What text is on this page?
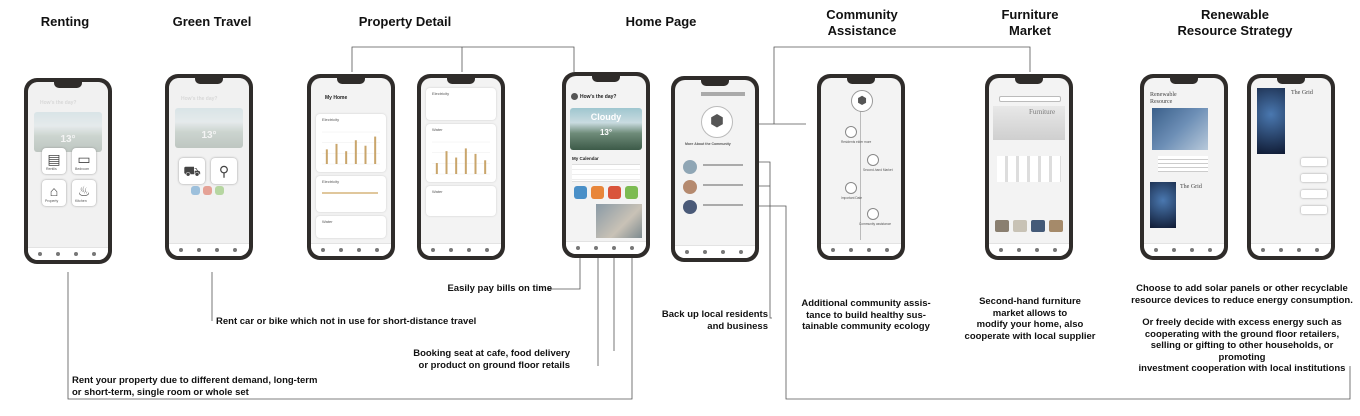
Renting	Green Travel	Property Detail	Home Page	Community
Assistance
Furniture
Market
Renewable
Resource Strategy
▤
Rentlis
▭
Bedroom
⌂
Property
♨
Kitchen
⛟	⚲
My Home
Electricity
Electricity
Water
Electricity
Water
Water
How's the day?
Cloudy
13°
My Calendar
⬢
More About the Community
⬢
Residents elder more
Second-hand Market
Important Date
Community assistance
Furniture
Renewable
Resource
The Grid
The Grid
Easily pay bills on time
Rent car or bike which not in use for short-distance travel
Booking seat at cafe, food delivery
or product on ground floor retails
Rent your property due to different demand, long-term
or short-term, single room or whole set
Back up local residents
and business
Additional community assis-
tance to build healthy sus-
tainable community ecology
Second-hand furniture
market allows to
modify your home, also
cooperate with local supplier
Choose to add solar panels or other recyclable
resource devices to reduce energy consumption.
Or freely decide with excess energy such as
cooperating with the ground floor retailers,
selling or gifting to other households, or promoting
investment cooperation with local institutions
